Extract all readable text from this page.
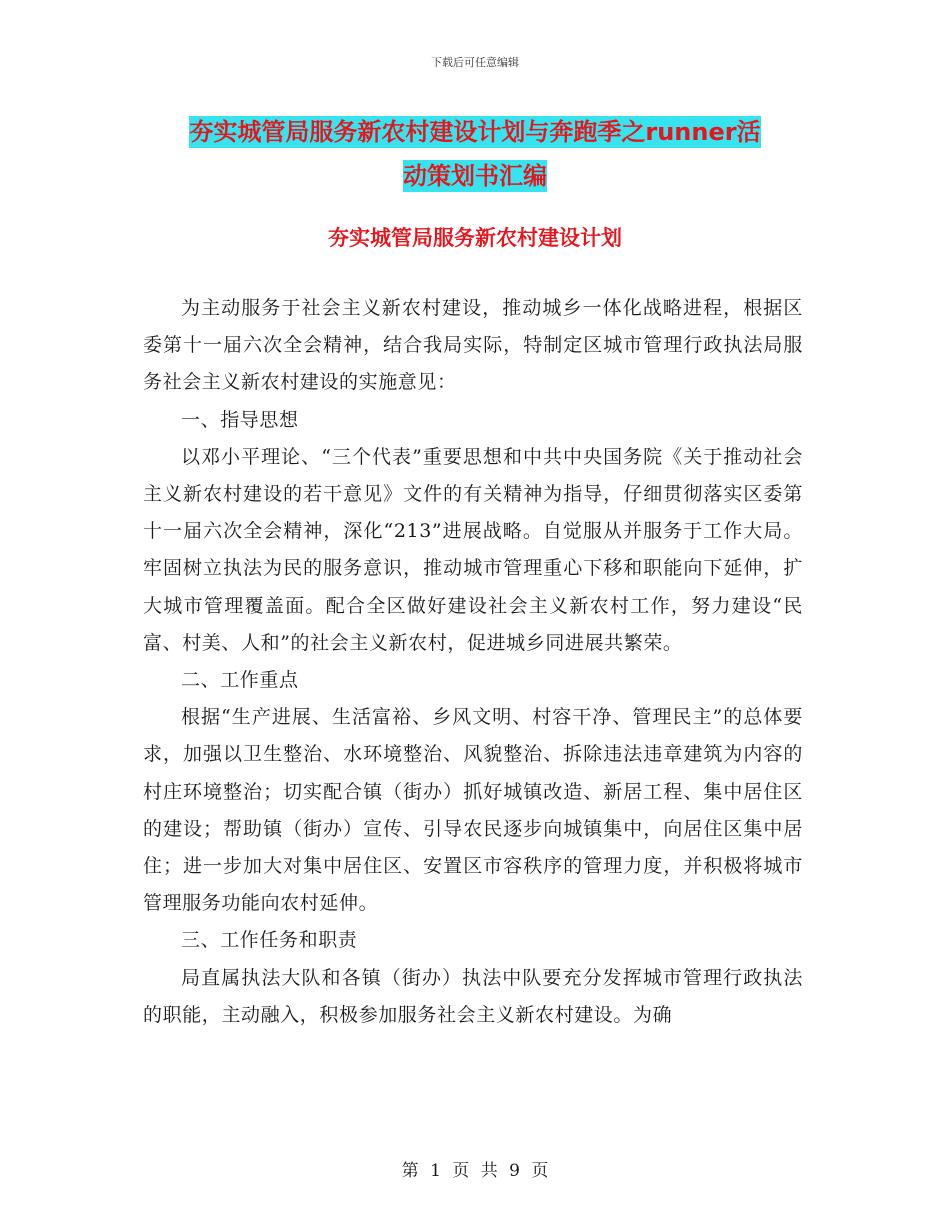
下载后可任意编辑
夯实城管局服务新农村建设计划与奔跑季之runner活
动策划书汇编
夯实城管局服务新农村建设计划

为主动服务于社会主义新农村建设，推动城乡一体化战略进程，根据区委第十一届六次全会精神，结合我局实际，特制定区城市管理行政执法局服务社会主义新农村建设的实施意见：

一、指导思想

以邓小平理论、“三个代表”重要思想和中共中央国务院《关于推动社会主义新农村建设的若干意见》文件的有关精神为指导，仔细贯彻落实区委第十一届六次全会精神，深化“213”进展战略。自觉服从并服务于工作大局。牢固树立执法为民的服务意识，推动城市管理重心下移和职能向下延伸，扩大城市管理覆盖面。配合全区做好建设社会主义新农村工作，努力建设“民富、村美、人和”的社会主义新农村，促进城乡同进展共繁荣。

二、工作重点

根据“生产进展、生活富裕、乡风文明、村容干净、管理民主”的总体要求，加强以卫生整治、水环境整治、风貌整治、拆除违法违章建筑为内容的村庄环境整治；切实配合镇（街办）抓好城镇改造、新居工程、集中居住区的建设；帮助镇（街办）宣传、引导农民逐步向城镇集中，向居住区集中居住；进一步加大对集中居住区、安置区市容秩序的管理力度，并积极将城市管理服务功能向农村延伸。

三、工作任务和职责

局直属执法大队和各镇（街办）执法中队要充分发挥城市管理行政执法的职能，主动融入，积极参加服务社会主义新农村建设。为确

第 1 页 共 9 页
